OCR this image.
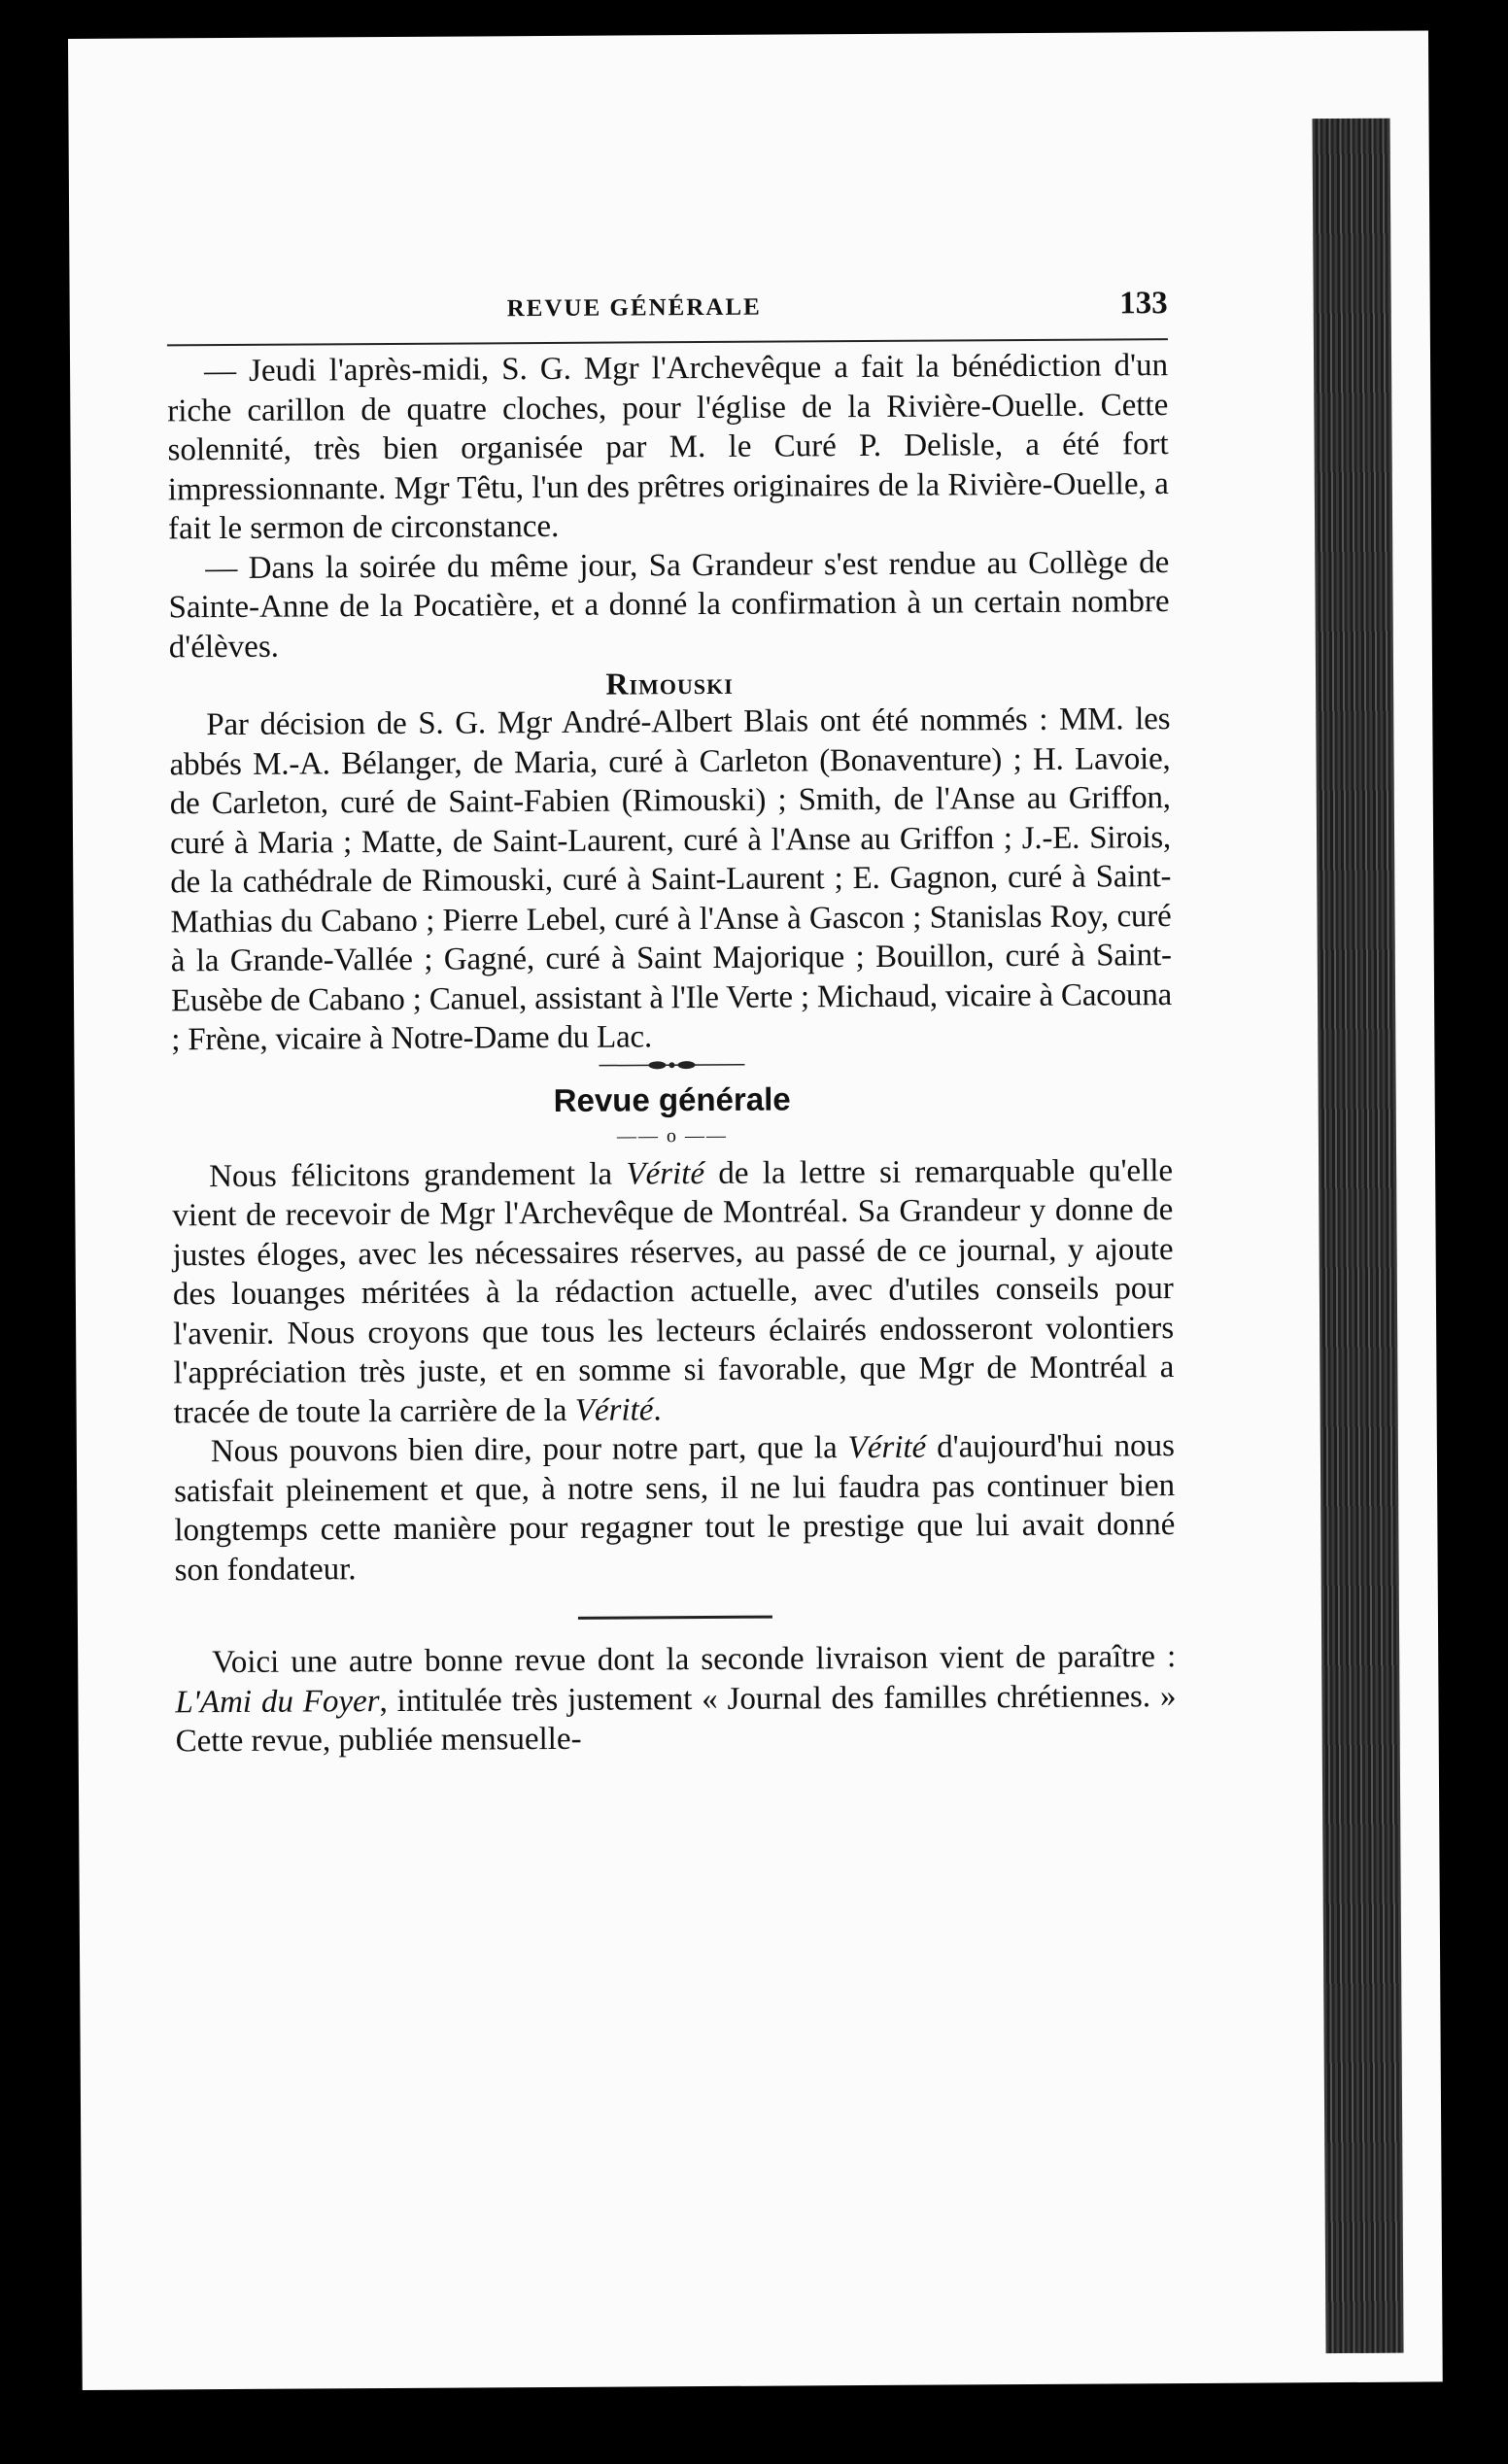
REVUE GÉNÉRALE	133

— Jeudi l'après-midi, S. G. Mgr l'Archevêque a fait la bénédiction d'un riche carillon de quatre cloches, pour l'église de la Rivière-Ouelle. Cette solennité, très bien organisée par M. le Curé P. Delisle, a été fort impressionnante. Mgr Têtu, l'un des prêtres originaires de la Rivière-Ouelle, a fait le sermon de circonstance.

— Dans la soirée du même jour, Sa Grandeur s'est rendue au Collège de Sainte-Anne de la Pocatière, et a donné la confirmation à un certain nombre d'élèves.

Rimouski

Par décision de S. G. Mgr André-Albert Blais ont été nommés : MM. les abbés M.-A. Bélanger, de Maria, curé à Carleton (Bonaventure) ; H. Lavoie, de Carleton, curé de Saint-Fabien (Rimouski) ; Smith, de l'Anse au Griffon, curé à Maria ; Matte, de Saint-Laurent, curé à l'Anse au Griffon ; J.-E. Sirois, de la cathédrale de Rimouski, curé à Saint-Laurent ; E. Gagnon, curé à Saint-Mathias du Cabano ; Pierre Lebel, curé à l'Anse à Gascon ; Stanislas Roy, curé à la Grande-Vallée ; Gagné, curé à Saint Majorique ; Bouillon, curé à Saint-Eusèbe de Cabano ; Canuel, assistant à l'Ile Verte ; Michaud, vicaire à Cacouna ; Frène, vicaire à Notre-Dame du Lac.

Revue générale
—— o ——

Nous félicitons grandement la Vérité de la lettre si remarquable qu'elle vient de recevoir de Mgr l'Archevêque de Montréal. Sa Grandeur y donne de justes éloges, avec les nécessaires réserves, au passé de ce journal, y ajoute des louanges méritées à la rédaction actuelle, avec d'utiles conseils pour l'avenir. Nous croyons que tous les lecteurs éclairés endosseront volontiers l'appréciation très juste, et en somme si favorable, que Mgr de Montréal a tracée de toute la carrière de la Vérité.

Nous pouvons bien dire, pour notre part, que la Vérité d'aujourd'hui nous satisfait pleinement et que, à notre sens, il ne lui faudra pas continuer bien longtemps cette manière pour regagner tout le prestige que lui avait donné son fondateur.

Voici une autre bonne revue dont la seconde livraison vient de paraître : L'Ami du Foyer, intitulée très justement « Journal des familles chrétiennes. » Cette revue, publiée mensuelle-
